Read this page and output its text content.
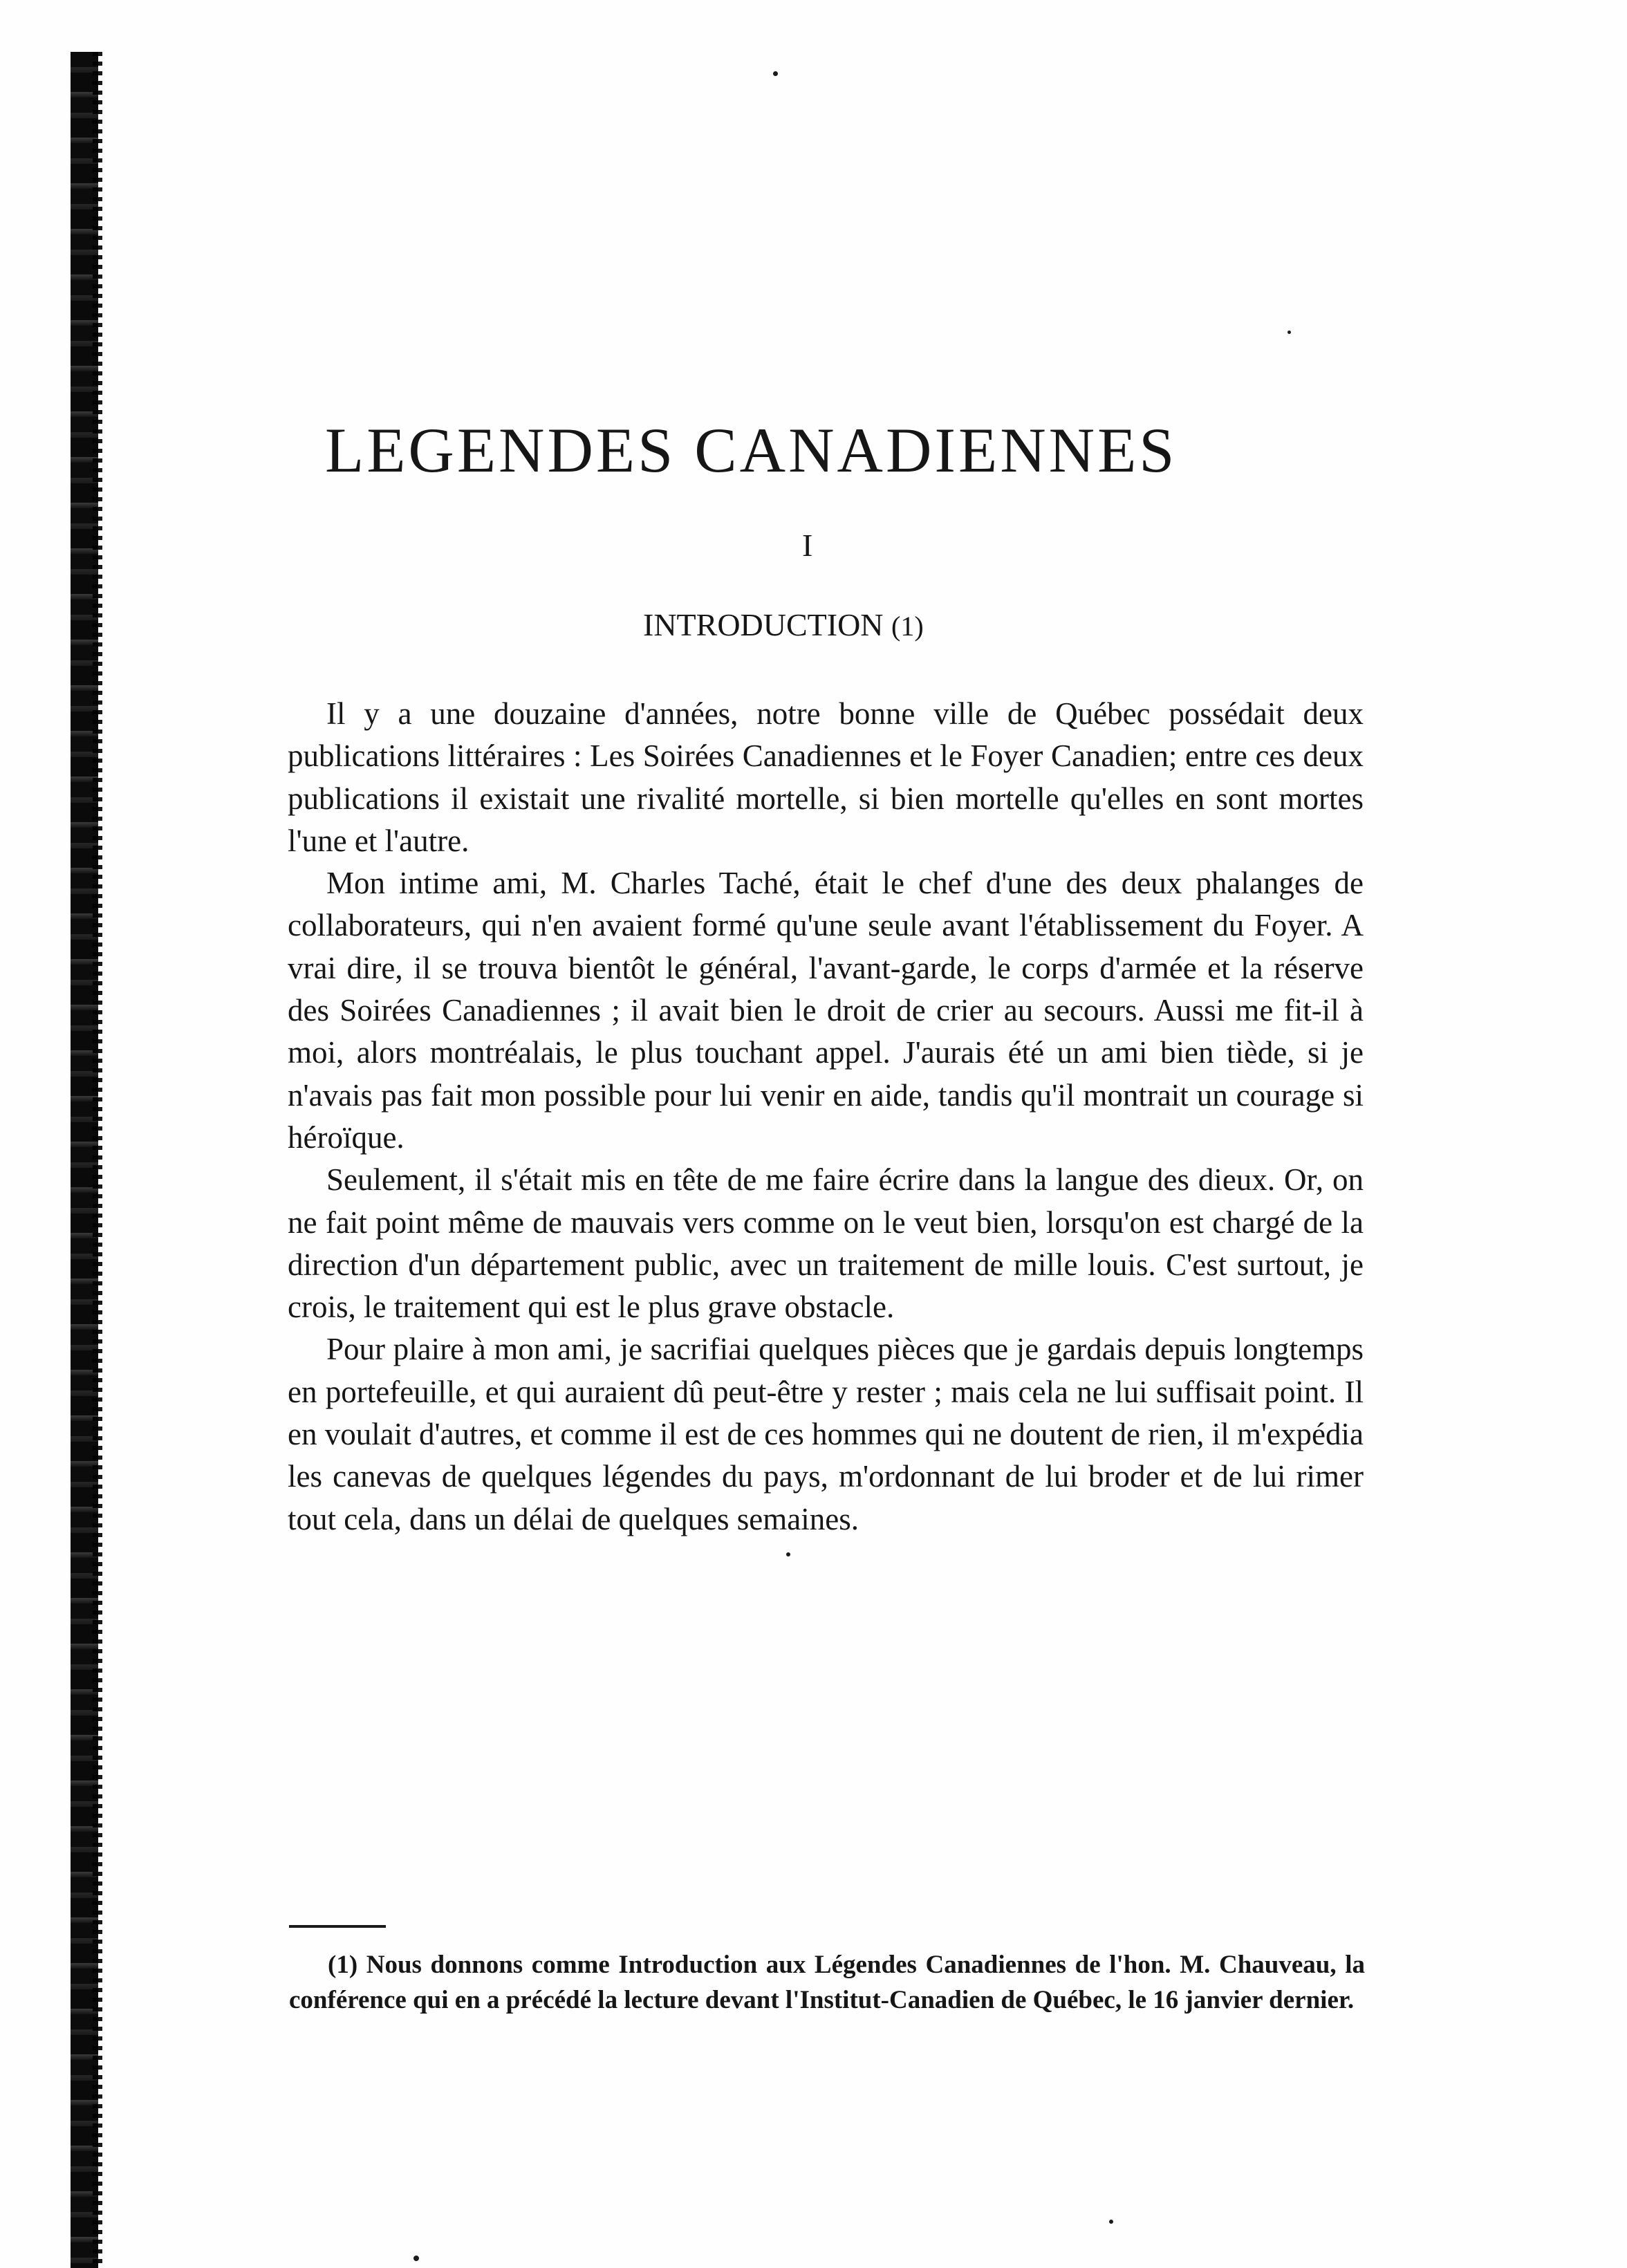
LEGENDES CANADIENNES
I
INTRODUCTION (1)

Il y a une douzaine d'années, notre bonne ville de Québec possédait deux publications littéraires : Les Soirées Canadiennes et le Foyer Canadien; entre ces deux publications il existait une rivalité mortelle, si bien mortelle qu'elles en sont mortes l'une et l'autre.

Mon intime ami, M. Charles Taché, était le chef d'une des deux phalanges de collaborateurs, qui n'en avaient formé qu'une seule avant l'établissement du Foyer. A vrai dire, il se trouva bientôt le général, l'avant-garde, le corps d'armée et la réserve des Soirées Canadiennes ; il avait bien le droit de crier au secours. Aussi me fit-il à moi, alors montréalais, le plus touchant appel. J'aurais été un ami bien tiède, si je n'avais pas fait mon possible pour lui venir en aide, tandis qu'il montrait un courage si héroïque.

Seulement, il s'était mis en tête de me faire écrire dans la langue des dieux. Or, on ne fait point même de mauvais vers comme on le veut bien, lorsqu'on est chargé de la direction d'un département public, avec un traitement de mille louis. C'est surtout, je crois, le traitement qui est le plus grave obstacle.

Pour plaire à mon ami, je sacrifiai quelques pièces que je gardais depuis longtemps en portefeuille, et qui auraient dû peut-être y rester ; mais cela ne lui suffisait point. Il en voulait d'autres, et comme il est de ces hommes qui ne doutent de rien, il m'expédia les canevas de quelques légendes du pays, m'ordonnant de lui broder et de lui rimer tout cela, dans un délai de quelques semaines.

(1) Nous donnons comme Introduction aux Légendes Canadiennes de l'hon. M. Chauveau, la conférence qui en a précédé la lecture devant l'Institut-Canadien de Québec, le 16 janvier dernier.
